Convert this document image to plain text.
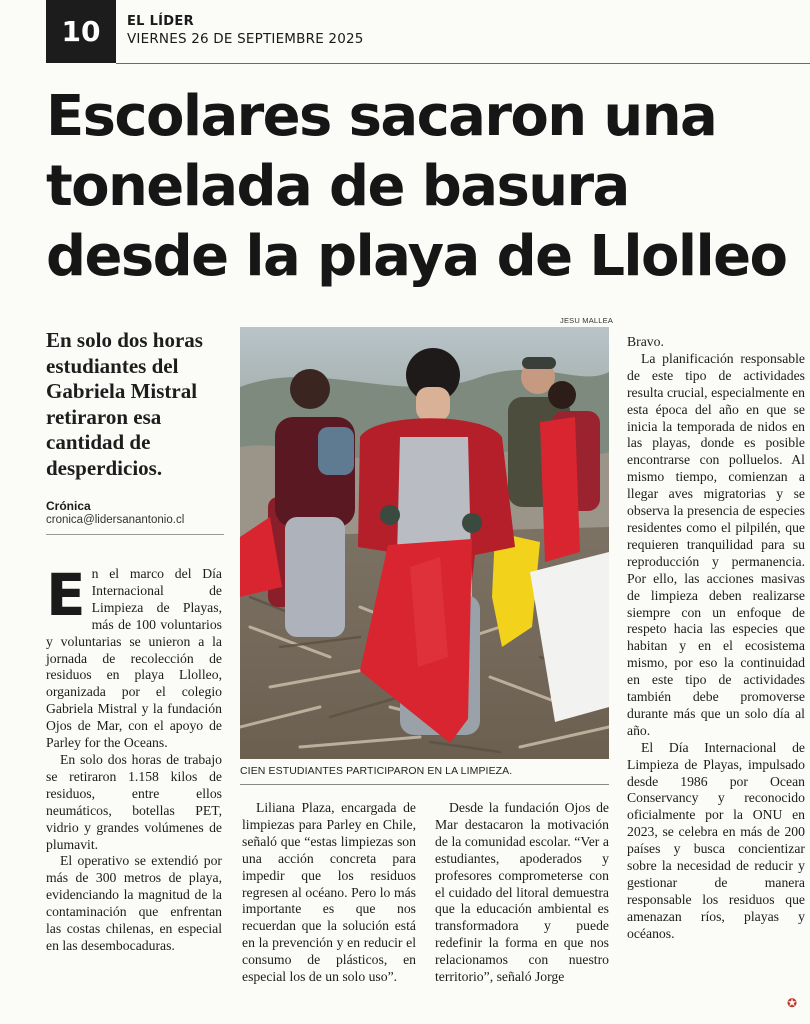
10	EL LÍDER
VIERNES 26 DE SEPTIEMBRE 2025
Escolares sacaron una tonelada de basura desde la playa de Llolleo

En solo dos horas estudiantes del Gabriela Mistral retiraron esa cantidad de desperdicios.

Crónica
cronica@lidersanantonio.cl
JESU MALLEA
CIEN ESTUDIANTES PARTICIPARON EN LA LIMPIEZA.
E n el marco del Día Internacional de Limpieza de Playas, más de 100 voluntarios y voluntarias se unieron a la jornada de recolección de residuos en playa Llolleo, organizada por el colegio Gabriela Mistral y la fundación Ojos de Mar, con el apoyo de Parley for the Oceans.

En solo dos horas de trabajo se retiraron 1.158 kilos de residuos, entre ellos neumáticos, botellas PET, vidrio y grandes volúmenes de plumavit.

El operativo se extendió por más de 300 metros de playa, evidenciando la magnitud de la contaminación que enfrentan las costas chilenas, en especial en las desembocaduras.

Liliana Plaza, encargada de limpiezas para Parley en Chile, señaló que “estas limpiezas son una acción concreta para impedir que los residuos regresen al océano. Pero lo más importante es que nos recuerdan que la solución está en la prevención y en reducir el consumo de plásticos, en especial los de un solo uso”.

Desde la fundación Ojos de Mar destacaron la motivación de la comunidad escolar. “Ver a estudiantes, apoderados y profesores comprometerse con el cuidado del litoral demuestra que la educación ambiental es transformadora y puede redefinir la forma en que nos relacionamos con nuestro territorio”, señaló Jorge

Bravo.

La planificación responsable de este tipo de actividades resulta crucial, especialmente en esta época del año en que se inicia la temporada de nidos en las playas, donde es posible encontrarse con polluelos. Al mismo tiempo, comienzan a llegar aves migratorias y se observa la presencia de especies residentes como el pilpilén, que requieren tranquilidad para su reproducción y permanencia. Por ello, las acciones masivas de limpieza deben realizarse siempre con un enfoque de respeto hacia las especies que habitan y en el ecosistema mismo, por eso la continuidad en este tipo de actividades también debe promoverse durante más que un solo día al año.

El Día Internacional de Limpieza de Playas, impulsado desde 1986 por Ocean Conservancy y reconocido oficialmente por la ONU en 2023, se celebra en más de 200 países y busca concientizar sobre la necesidad de reducir y gestionar de manera responsable los residuos que amenazan ríos, playas y océanos.

✪
